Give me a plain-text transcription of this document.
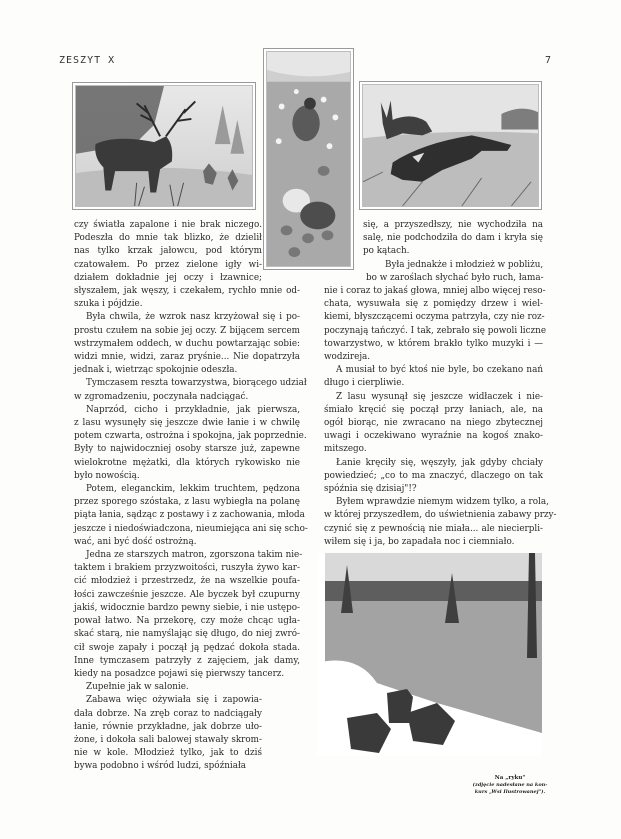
ZESZYT X	7
Na „ryku"
(zdjęcie nadesłane na kon-
kurs „Wsi Ilustrowanej").
czy światła zapalone i nie brak niczego.
Podeszła do mnie tak blizko, że dzielił
nas tylko krzak jałowcu, pod którym
czatowałem. Po przez zielone igły wi-
działem dokładnie jej oczy i łzawnice;
słyszałem, jak węszy, i czekałem, rychło mnie od-
szuka i pójdzie.
Była chwila, że wzrok nasz krzyżował się i po-
prostu czułem na sobie jej oczy. Z bijącem sercem
wstrzymałem oddech, w duchu powtarzając sobie:
widzi mnie, widzi, zaraz pryśnie... Nie dopatrzyła
jednak i, wietrząc spokojnie odeszła.
Tymczasem reszta towarzystwa, biorącego udział
w zgromadzeniu, poczynała nadciągać.
Naprzód, cicho i przykładnie, jak pierwsza,
z lasu wysunęły się jeszcze dwie łanie i w chwilę
potem czwarta, ostrożna i spokojna, jak poprzednie.
Były to najwidoczniej osoby starsze już, zapewne
wielokrotne mężatki, dla których rykowisko nie
było nowością.
Potem, eleganckim, lekkim truchtem, pędzona
przez sporego szóstaka, z lasu wybiegła na polanę
piąta łania, sądząc z postawy i z zachowania, młoda
jeszcze i niedoświadczona, nieumiejąca ani się scho-
wać, ani być dość ostrożną.
Jedna ze starszych matron, zgorszona takim nie-
taktem i brakiem przyzwoitości, ruszyła żywo kar-
cić młodzież i przestrzedz, że na wszelkie poufa-
łości zawcześnie jeszcze. Ale byczek był czupurny
jakiś, widocznie bardzo pewny siebie, i nie ustępo-
pował łatwo. Na przekorę, czy może chcąc ugła-
skać starą, nie namyślając się długo, do niej zwró-
cił swoje zapały i począł ją pędzać dokoła stada.
Inne tymczasem patrzyły z zajęciem, jak damy,
kiedy na posadzce pojawi się pierwszy tancerz.
Zupełnie jak w salonie.
Zabawa więc ożywiała się i zapowia-
dała dobrze. Na zręb coraz to nadciągały
łanie, równie przykładne, jak dobrze uło-
żone, i dokoła sali balowej stawały skrom-
nie w kole. Młodzież tylko, jak to dziś
bywa podobno i wśród ludzi, spóźniała
się, a przyszedłszy, nie wychodziła na
salę, nie podchodziła do dam i kryła się
po kątach.
Była jednakże i młodzież w pobliżu,
bo w zaroślach słychać było ruch, łama-
nie i coraz to jakaś głowa, mniej albo więcej reso-
chata, wysuwała się z pomiędzy drzew i wiel-
kiemi, błyszczącemi oczyma patrzyła, czy nie roz-
poczynają tańczyć. I tak, zebrało się powoli liczne
towarzystwo, w którem brakło tylko muzyki i —
wodzireja.
A musiał to być ktoś nie byle, bo czekano nań
długo i cierpliwie.
Z lasu wysunął się jeszcze widłaczek i nie-
śmiało kręcić się począł przy łaniach, ale, na
ogół biorąc, nie zwracano na niego zbytecznej
uwagi i oczekiwano wyraźnie na kogoś znako-
mitszego.
Łanie kręciły się, węszyły, jak gdyby chciały
powiedzieć; „co to ma znaczyć, dlaczego on tak
spóźnia się dzisiaj"!?
Byłem wprawdzie niemym widzem tylko, a rola,
w której przyszedłem, do uświetnienia zabawy przy-
czynić się z pewnością nie miała... ale niecierpli-
wiłem się i ja, bo zapadała noc i ciemniało.
